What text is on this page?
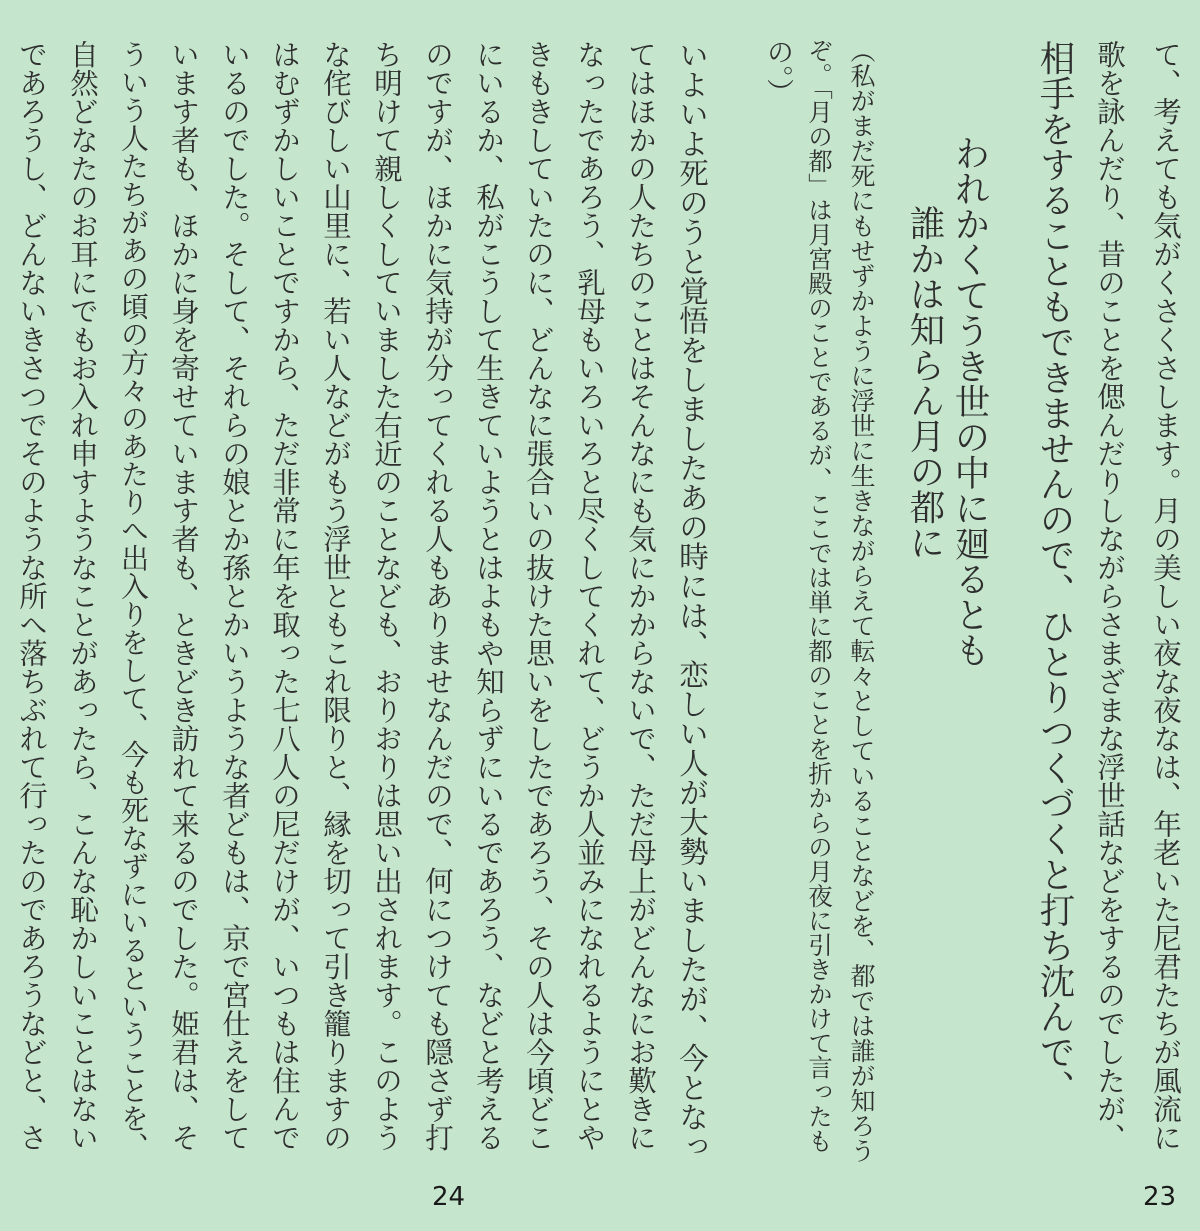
て、考えても気がくさくさします。月の美しい夜な夜なは、年老いた尼君たちが風流に
歌を詠んだり、昔のことを偲んだりしながらさまざまな浮世話などをするのでしたが、
相手をすることもできませんので、ひとりつくづくと打ち沈んで、
われかくてうき世の中に廻るとも
誰かは知らん月の都に
（私がまだ死にもせずかように浮世に生きながらえて転々としていることなどを、都では誰が知ろう
ぞ。「月の都」は月宮殿のことであるが、ここでは単に都のことを折からの月夜に引きかけて言ったも
の。）
23
いよいよ死のうと覚悟をしましたあの時には、恋しい人が大勢いましたが、今となっ
てはほかの人たちのことはそんなにも気にかからないで、ただ母上がどんなにお歎きに
なったであろう、乳母もいろいろと尽くしてくれて、どうか人並みになれるようにとや
きもきしていたのに、どんなに張合いの抜けた思いをしたであろう、その人は今頃どこ
にいるか、私がこうして生きていようとはよもや知らずにいるであろう、などと考える
のですが、ほかに気持が分ってくれる人もありませなんだので、何につけても隠さず打
ち明けて親しくしていました右近のことなども、おりおりは思い出されます。このよう
な侘びしい山里に、若い人などがもう浮世ともこれ限りと、縁を切って引き籠りますの
はむずかしいことですから、ただ非常に年を取った七八人の尼だけが、いつもは住んで
いるのでした。そして、それらの娘とか孫とかいうような者どもは、京で宮仕えをして
います者も、ほかに身を寄せています者も、ときどき訪れて来るのでした。姫君は、そ
ういう人たちがあの頃の方々のあたりへ出入りをして、今も死なずにいるということを、
自然どなたのお耳にでもお入れ申すようなことがあったら、こんな恥かしいことはない
であろうし、どんないきさつでそのような所へ落ちぶれて行ったのであろうなどと、さ
24
